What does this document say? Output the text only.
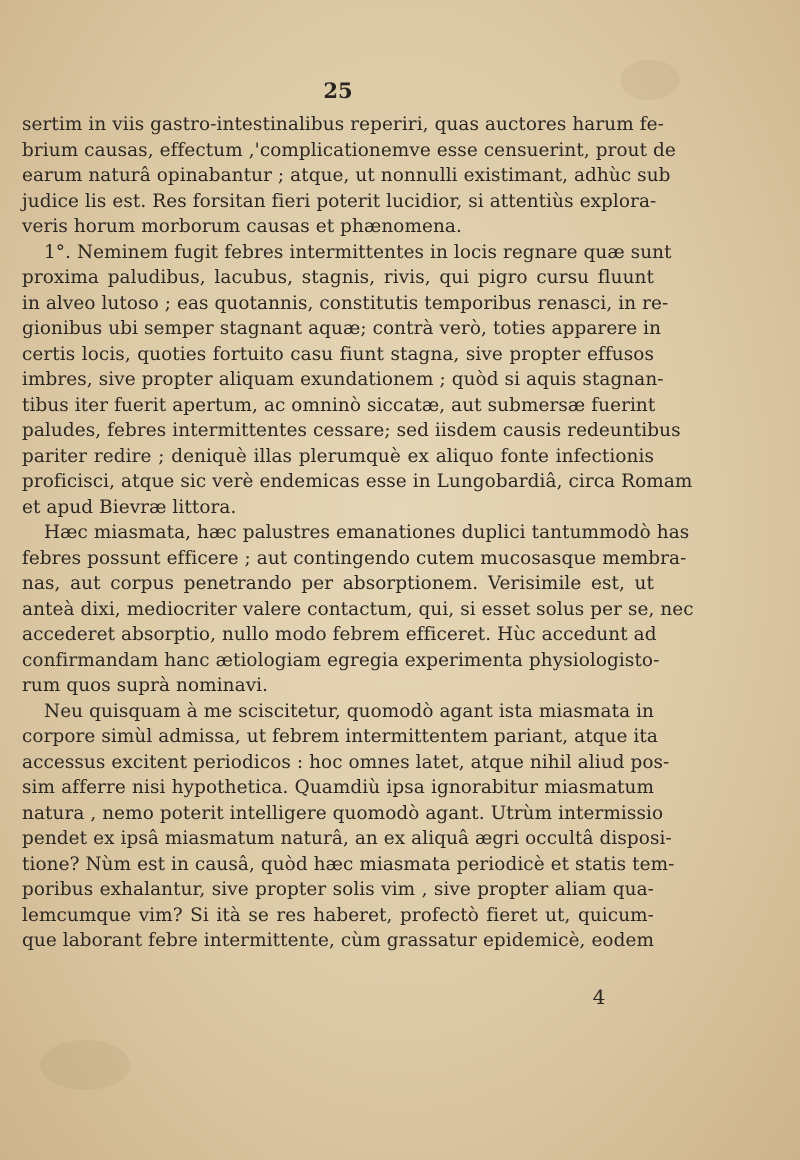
25
sertim in viis gastro-intestinalibus reperiri, quas auctores harum fe-
brium causas, effectum ,'complicationemve esse censuerint, prout de
earum naturâ opinabantur ; atque, ut nonnulli existimant, adhùc sub
judice lis est. Res forsitan fieri poterit lucidior, si attentiùs explora-
veris horum morborum causas et phænomena.
1°. Neminem fugit febres intermittentes in locis regnare quæ sunt
proxima paludibus, lacubus, stagnis, rivis, qui pigro cursu fluunt
in alveo lutoso ; eas quotannis, constitutis temporibus renasci, in re-
gionibus ubi semper stagnant aquæ; contrà verò, toties apparere in
certis locis, quoties fortuito casu fiunt stagna, sive propter effusos
imbres, sive propter aliquam exundationem ; quòd si aquis stagnan-
tibus iter fuerit apertum, ac omninò siccatæ, aut submersæ fuerint
paludes, febres intermittentes cessare; sed iisdem causis redeuntibus
pariter redire ; deniquè illas plerumquè ex aliquo fonte infectionis
proficisci, atque sic verè endemicas esse in Lungobardiâ, circa Romam
et apud Bievræ littora.
Hæc miasmata, hæc palustres emanationes duplici tantummodò has
febres possunt efficere ; aut contingendo cutem mucosasque membra-
nas, aut corpus penetrando per absorptionem. Verisimile est, ut
anteà dixi, mediocriter valere contactum, qui, si esset solus per se, nec
accederet absorptio, nullo modo febrem efficeret. Hùc accedunt ad
confirmandam hanc ætiologiam egregia experimenta physiologisto-
rum quos suprà nominavi.
Neu quisquam à me sciscitetur, quomodò agant ista miasmata in
corpore simùl admissa, ut febrem intermittentem pariant, atque ita
accessus excitent periodicos : hoc omnes latet, atque nihil aliud pos-
sim afferre nisi hypothetica. Quamdiù ipsa ignorabitur miasmatum
natura , nemo poterit intelligere quomodò agant. Utrùm intermissio
pendet ex ipsâ miasmatum naturâ, an ex aliquâ ægri occultâ disposi-
tione? Nùm est in causâ, quòd hæc miasmata periodicè et statis tem-
poribus exhalantur, sive propter solis vim , sive propter aliam qua-
lemcumque vim? Si ità se res haberet, profectò fieret ut, quicum-
que laborant febre intermittente, cùm grassatur epidemicè, eodem
4
